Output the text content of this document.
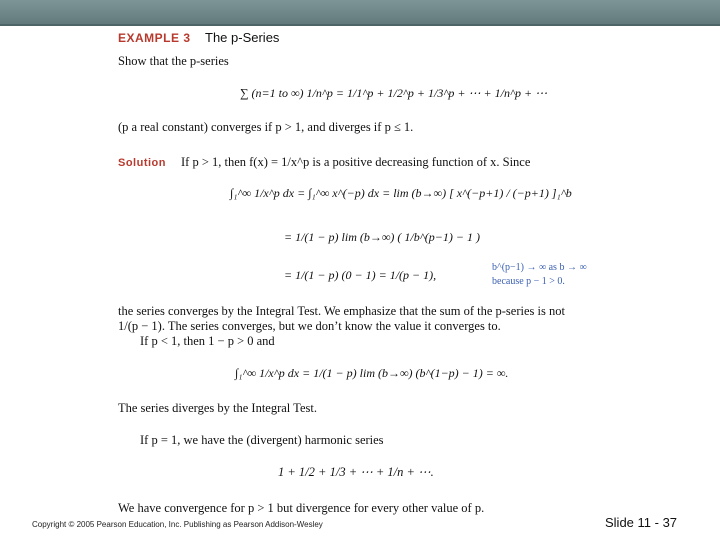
EXAMPLE 3 The p-Series
Show that the p-series
∑ (n=1 to ∞) 1/n^p = 1/1^p + 1/2^p + 1/3^p + ⋯ + 1/n^p + ⋯
(p a real constant) converges if p > 1, and diverges if p ≤ 1.
Solution If p > 1, then f(x) = 1/x^p is a positive decreasing function of x. Since
∫₁^∞ 1/x^p dx = ∫₁^∞ x^(−p) dx = lim (b→∞) [ x^(−p+1) / (−p+1) ]₁^b
= 1/(1 − p) lim (b→∞) ( 1/b^(p−1) − 1 )
= 1/(1 − p) (0 − 1) = 1/(p − 1),
b^(p−1) → ∞ as b → ∞
because p − 1 > 0.
the series converges by the Integral Test. We emphasize that the sum of the p-series is not
1/(p − 1). The series converges, but we don’t know the value it converges to.
If p < 1, then 1 − p > 0 and
∫₁^∞ 1/x^p dx = 1/(1 − p) lim (b→∞) (b^(1−p) − 1) = ∞.
The series diverges by the Integral Test.
If p = 1, we have the (divergent) harmonic series
1 + 1/2 + 1/3 + ⋯ + 1/n + ⋯.
We have convergence for p > 1 but divergence for every other value of p.
Copyright © 2005 Pearson Education, Inc. Publishing as Pearson Addison-Wesley	Slide 11 - 37
